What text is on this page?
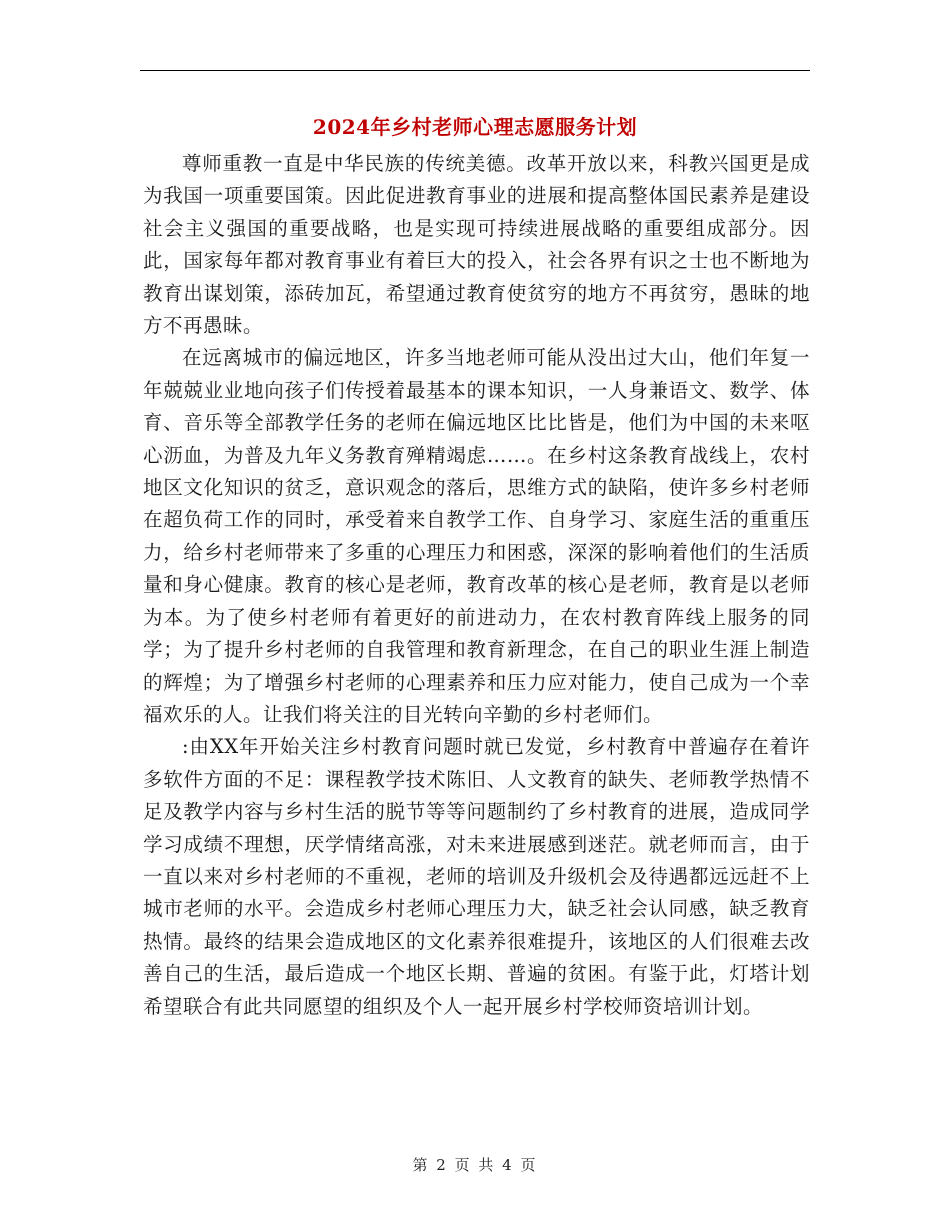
2024年乡村老师心理志愿服务计划

尊师重教一直是中华民族的传统美德。改革开放以来，科教兴国更是成为我国一项重要国策。因此促进教育事业的进展和提高整体国民素养是建设社会主义强国的重要战略，也是实现可持续进展战略的重要组成部分。因此，国家每年都对教育事业有着巨大的投入，社会各界有识之士也不断地为教育出谋划策，添砖加瓦，希望通过教育使贫穷的地方不再贫穷，愚昧的地方不再愚昧。

在远离城市的偏远地区，许多当地老师可能从没出过大山，他们年复一年兢兢业业地向孩子们传授着最基本的课本知识，一人身兼语文、数学、体育、音乐等全部教学任务的老师在偏远地区比比皆是，他们为中国的未来呕心沥血，为普及九年义务教育殚精竭虑……。在乡村这条教育战线上，农村地区文化知识的贫乏，意识观念的落后，思维方式的缺陷，使许多乡村老师在超负荷工作的同时，承受着来自教学工作、自身学习、家庭生活的重重压力，给乡村老师带来了多重的心理压力和困惑，深深的影响着他们的生活质量和身心健康。教育的核心是老师，教育改革的核心是老师，教育是以老师为本。为了使乡村老师有着更好的前进动力，在农村教育阵线上服务的同学；为了提升乡村老师的自我管理和教育新理念，在自己的职业生涯上制造的辉煌；为了增强乡村老师的心理素养和压力应对能力，使自己成为一个幸福欢乐的人。让我们将关注的目光转向辛勤的乡村老师们。

:由XX年开始关注乡村教育问题时就已发觉，乡村教育中普遍存在着许多软件方面的不足：课程教学技术陈旧、人文教育的缺失、老师教学热情不足及教学内容与乡村生活的脱节等等问题制约了乡村教育的进展，造成同学学习成绩不理想，厌学情绪高涨，对未来进展感到迷茫。就老师而言，由于一直以来对乡村老师的不重视，老师的培训及升级机会及待遇都远远赶不上城市老师的水平。会造成乡村老师心理压力大，缺乏社会认同感，缺乏教育热情。最终的结果会造成地区的文化素养很难提升，该地区的人们很难去改善自己的生活，最后造成一个地区长期、普遍的贫困。有鉴于此，灯塔计划希望联合有此共同愿望的组织及个人一起开展乡村学校师资培训计划。

第 2 页 共 4 页
